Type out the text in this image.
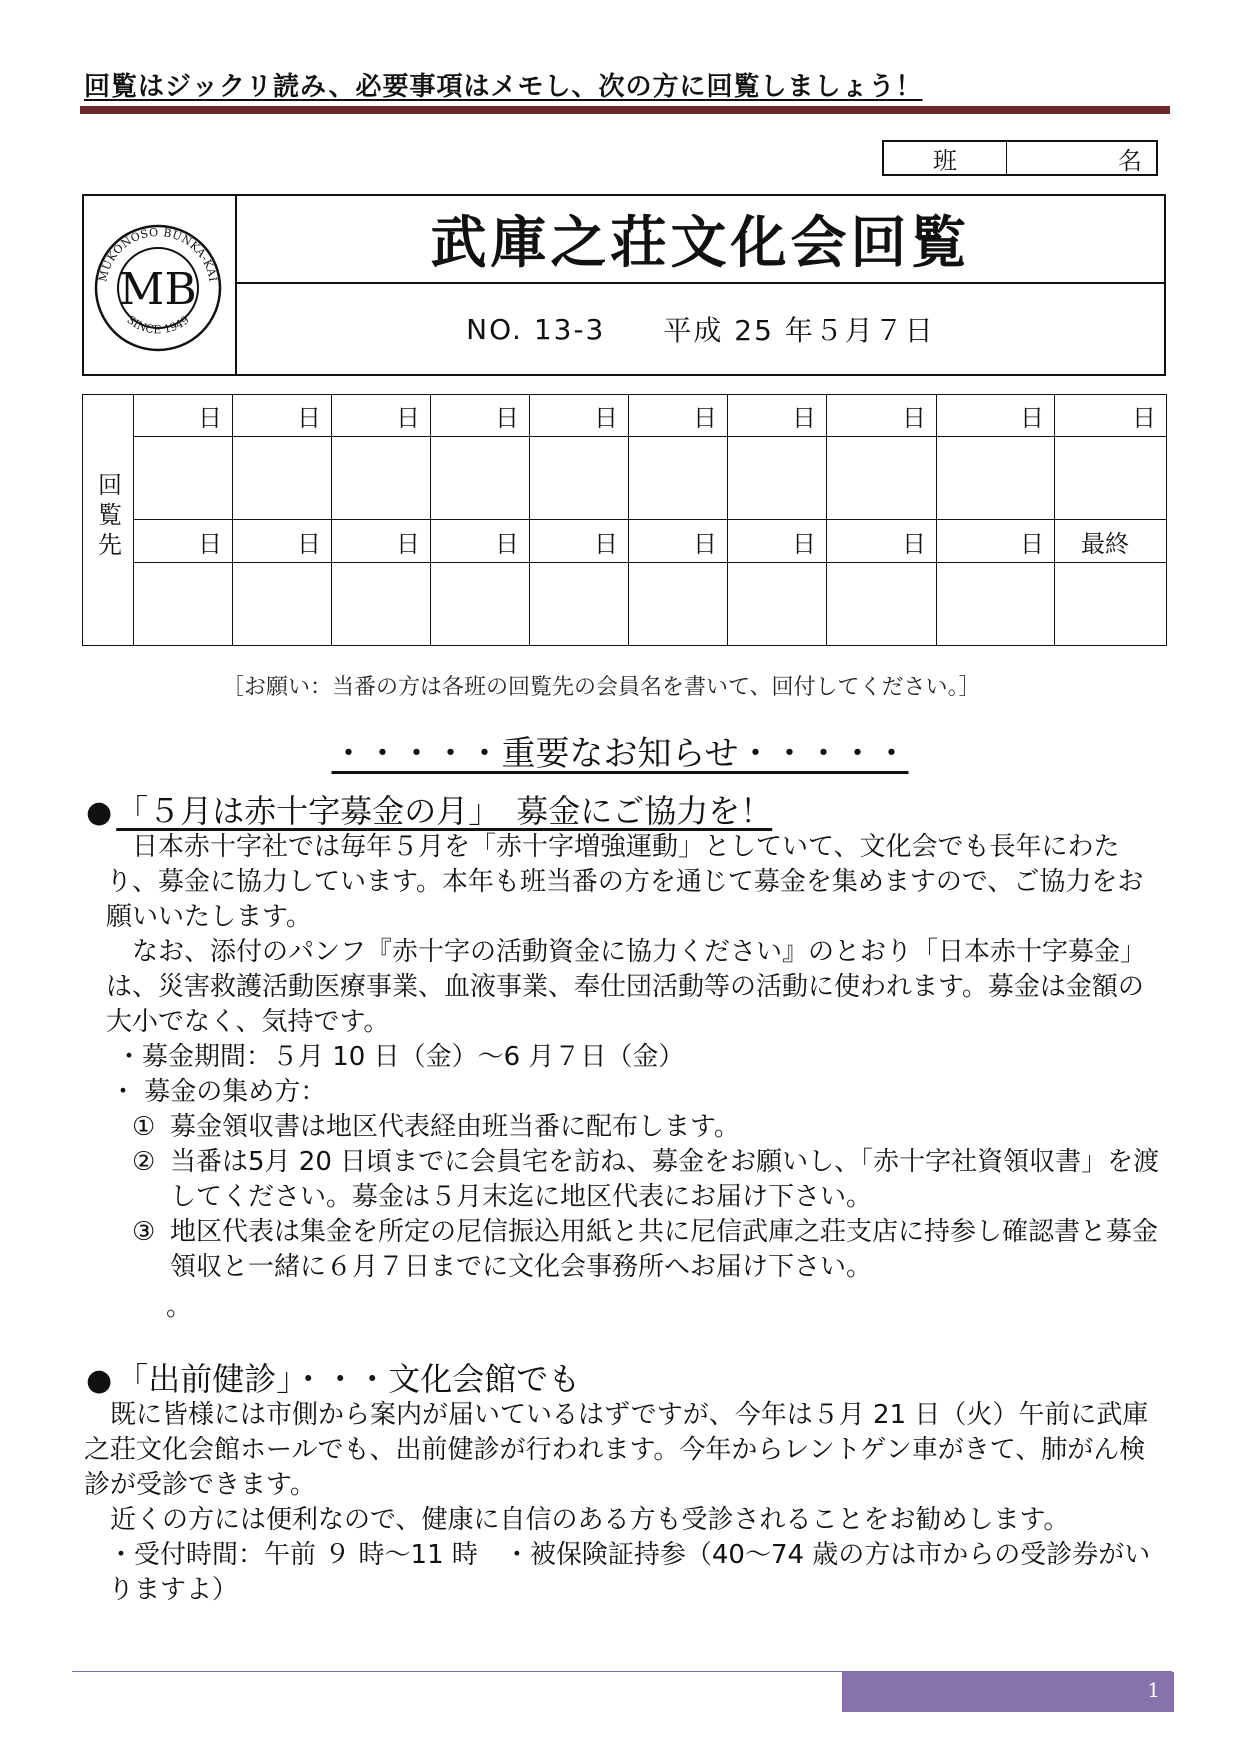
回覧はジックリ読み、必要事項はメモし、次の方に回覧しましょう！
班	名
MUKONOSO BUNKA-KAI
SINCE 1949
MB
武庫之荘文化会回覧
NO. 13-3 平成 25 年５月７日
回覧先	日	日	日	日	日	日	日	日	日	日

	日	日	日	日	日	日	日	日	日	最終

［お願い：当番の方は各班の回覧先の会員名を書いて、回付してください。］
・・・・・重要なお知らせ・・・・・
● 「５月は赤十字募金の月」　募金にご協力を！
日本赤十字社では毎年５月を「赤十字増強運動」としていて、文化会でも長年にわたり、募金に協力しています。本年も班当番の方を通じて募金を集めますので、ご協力をお願いいたします。
なお、添付のパンフ『赤十字の活動資金に協力ください』のとおり「日本赤十字募金」は、災害救護活動医療事業、血液事業、奉仕団活動等の活動に使われます。募金は金額の大小でなく、気持です。
・募金期間：５月 10 日（金）～6 月７日（金）
・ 募金の集め方：
① 募金領収書は地区代表経由班当番に配布します。
② 当番は5月 20 日頃までに会員宅を訪ね、募金をお願いし、「赤十字社資領収書」を渡してください。募金は５月末迄に地区代表にお届け下さい。
③ 地区代表は集金を所定の尼信振込用紙と共に尼信武庫之荘支店に持参し確認書と募金領収と一緒に６月７日までに文化会事務所へお届け下さい。
。
● 「出前健診」・・・文化会館でも
既に皆様には市側から案内が届いているはずですが、今年は５月 21 日（火）午前に武庫之荘文化会館ホールでも、出前健診が行われます。今年からレントゲン車がきて、肺がん検診が受診できます。
近くの方には便利なので、健康に自信のある方も受診されることをお勧めします。
・受付時間：午前 ９ 時～11 時　・被保険証持参（40～74 歳の方は市からの受診券がいりますよ）
1
